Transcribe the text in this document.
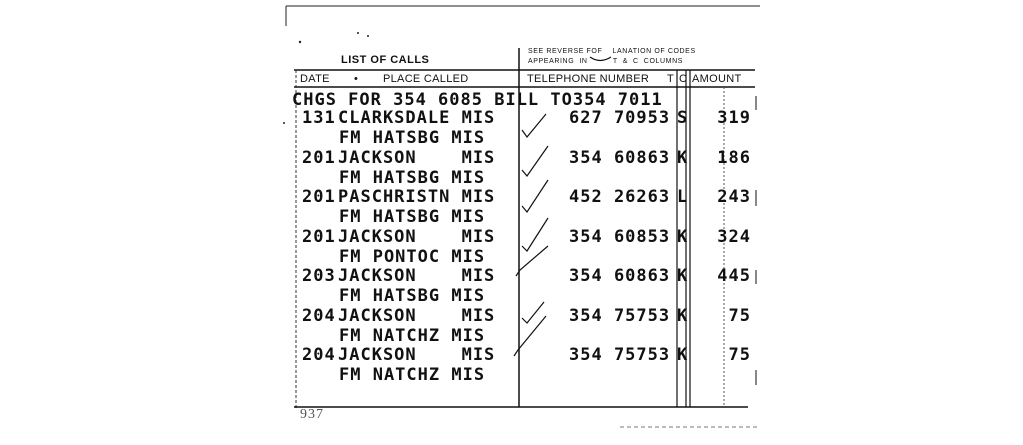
LIST OF CALLS
SEE REVERSE FOF    LANATION OF CODES
APPEARING  IN          T  &  C  COLUMNS
DATE • PLACE CALLED	TELEPHONE NUMBER T C AMOUNT
CHGS FOR 354 6085 BILL TO354 7011
131 CLARKSDALE MIS	627 70953 S 319
FM HATSBG MIS
201 JACKSON    MIS	354 60863 K 186
FM HATSBG MIS
201 PASCHRISTN MIS	452 26263 L 243
FM HATSBG MIS
201 JACKSON    MIS	354 60853 K 324
FM PONTOC MIS
203 JACKSON    MIS	354 60863 K 445
FM HATSBG MIS
204 JACKSON    MIS	354 75753 K 75
FM NATCHZ MIS
204 JACKSON    MIS	354 75753 K 75
FM NATCHZ MIS
937
